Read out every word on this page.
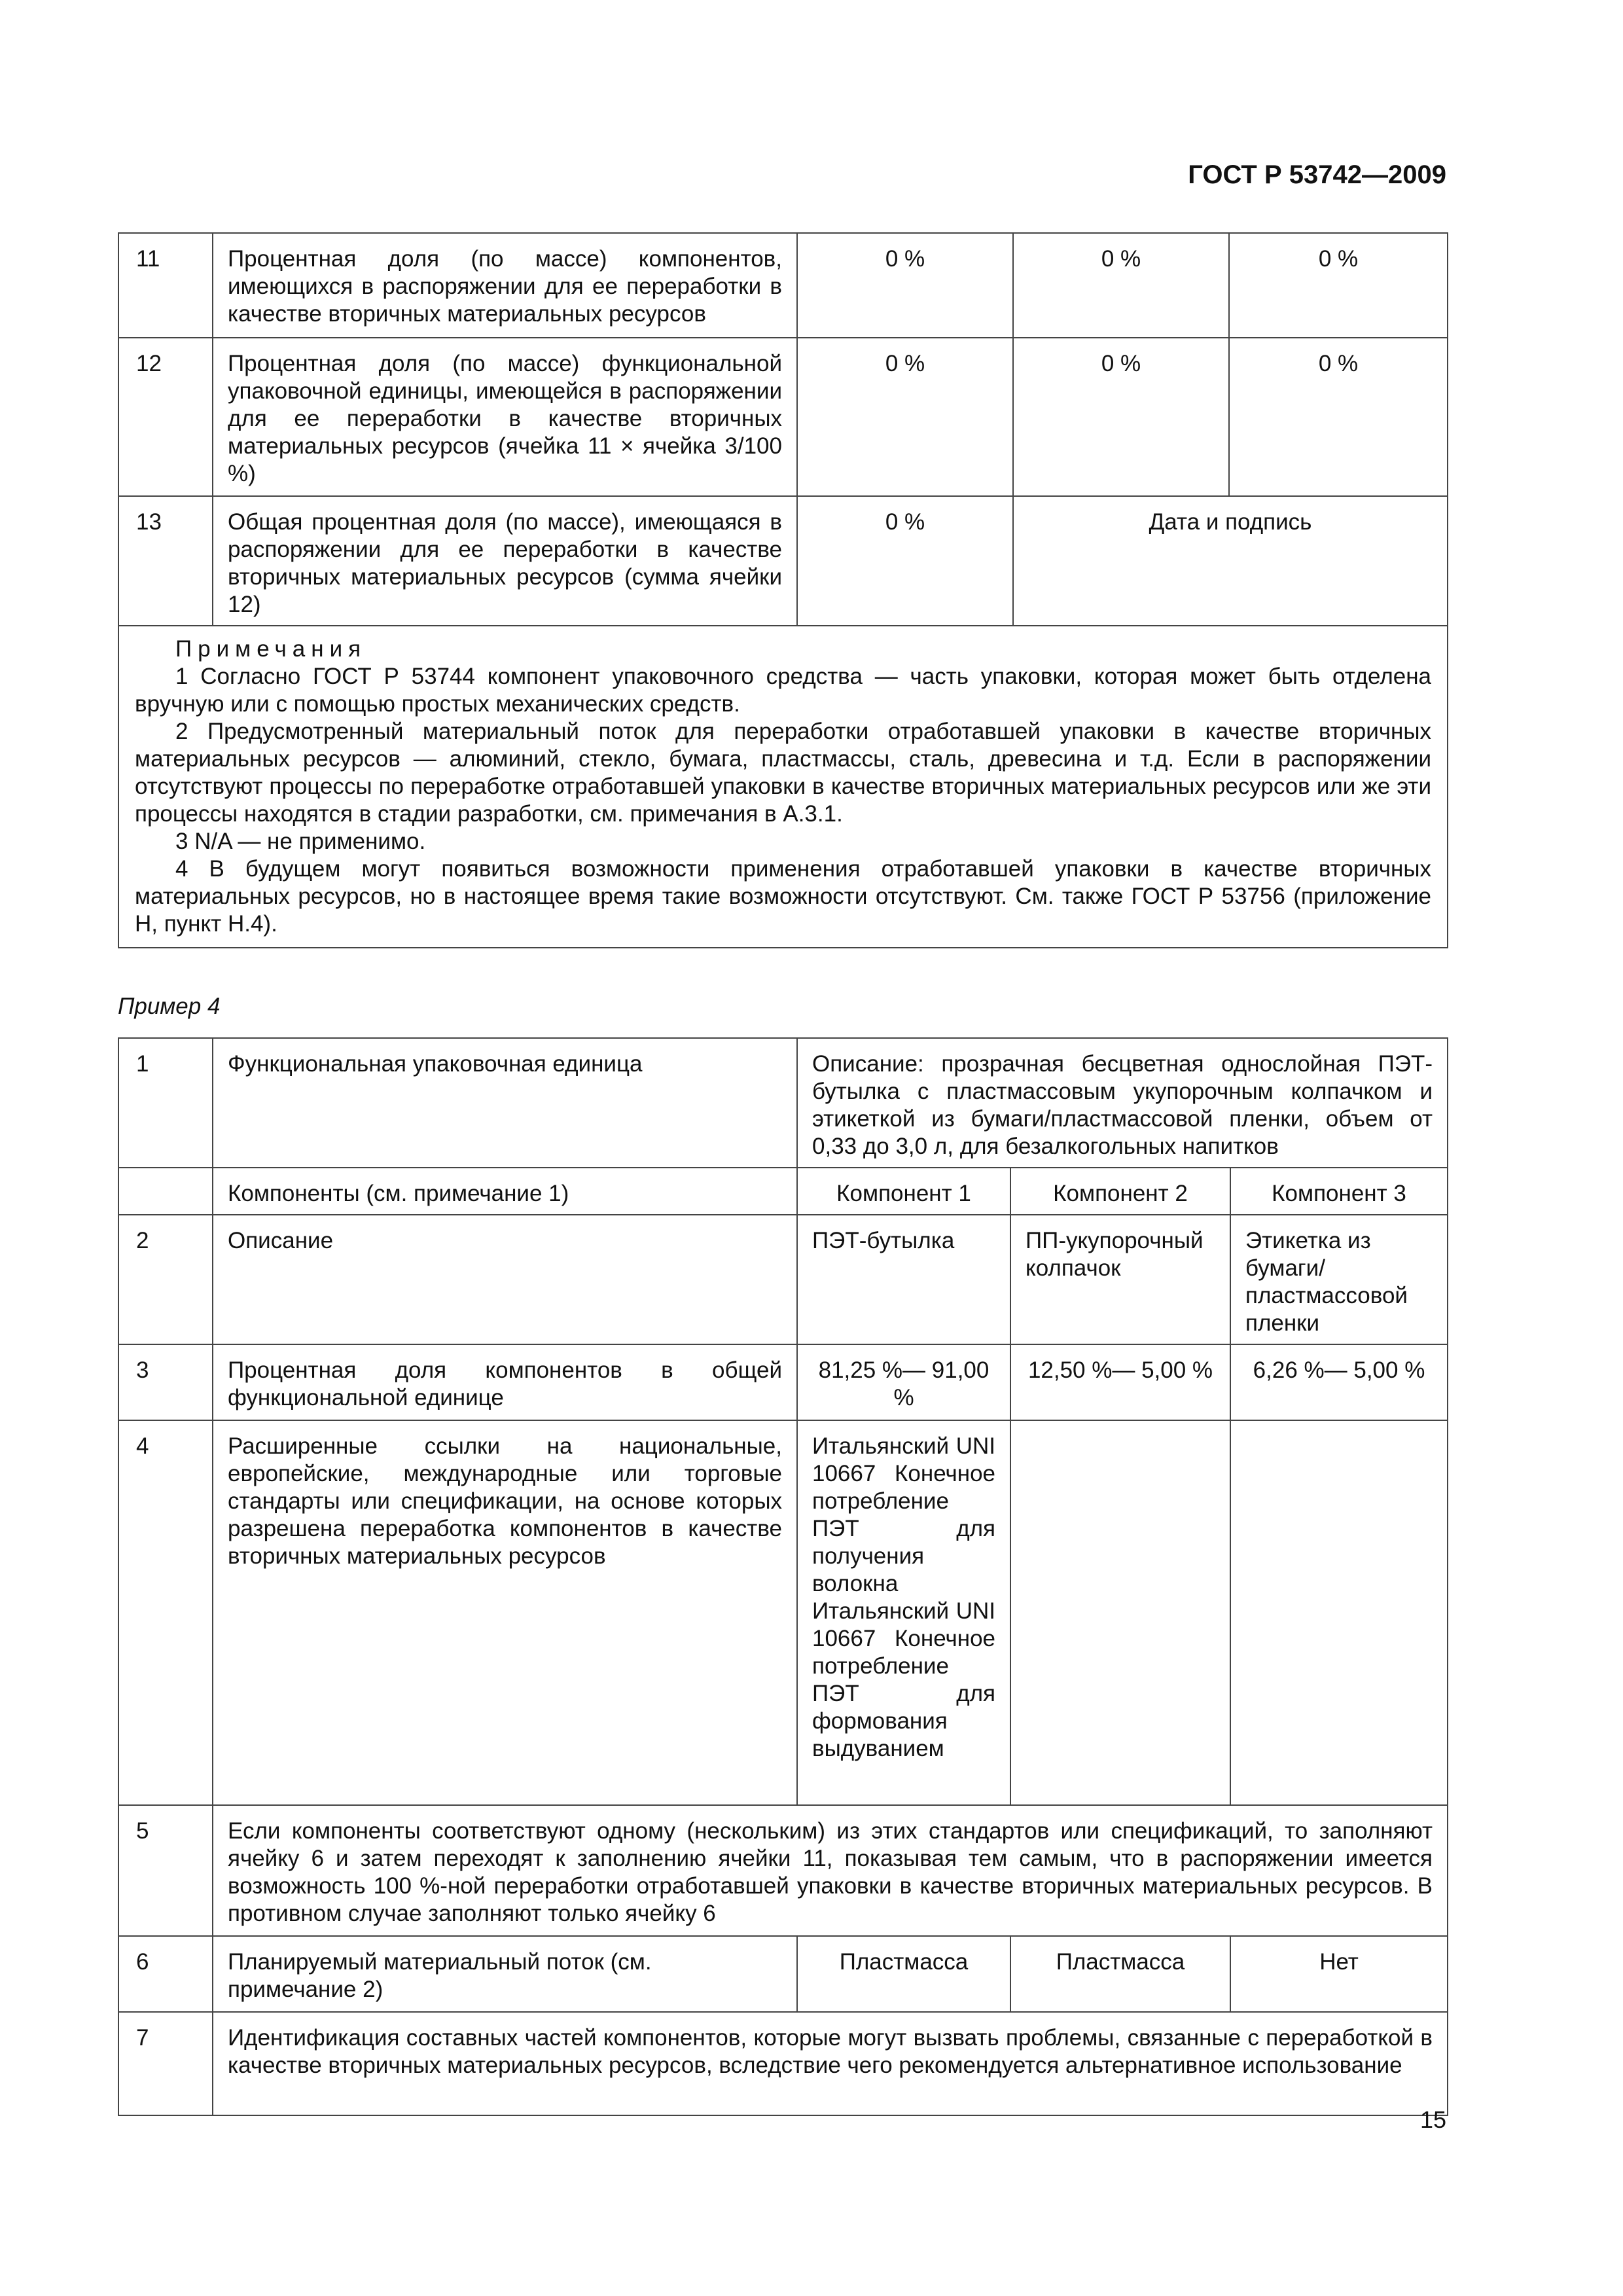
ГОСТ Р 53742—2009
11	Процентная доля (по массе) компонентов, имеющихся в распоряжении для ее переработки в качестве вторичных материальных ресурсов	0 %	0 %	0 %
12	Процентная доля (по массе) функциональной упаковочной единицы, имеющейся в распоряжении для ее переработки в качестве вторичных материальных ресурсов (ячейка 11 × ячейка 3/100 %)	0 %	0 %	0 %
13	Общая процентная доля (по массе), имеющаяся в распоряжении для ее переработки в качестве вторичных материальных ресурсов (сумма ячейки 12)	0 %	Дата и подпись	

Примечания
1 Согласно ГОСТ Р 53744 компонент упаковочного средства — часть упаковки, которая может быть отделена вручную или с помощью простых механических средств.
2 Предусмотренный материальный поток для переработки отработавшей упаковки в качестве вторичных материальных ресурсов — алюминий, стекло, бумага, пластмассы, сталь, древесина и т.д. Если в распоряжении отсутствуют процессы по переработке отработавшей упаковки в качестве вторичных материальных ресурсов или же эти процессы находятся в стадии разработки, см. примечания в А.3.1.
3 N/A — не применимо.
4 В будущем могут появиться возможности применения отработавшей упаковки в качестве вторичных материальных ресурсов, но в настоящее время такие возможности отсутствуют. См. также ГОСТ Р 53756 (приложение Н, пункт Н.4).				
Пример 4
1	Функциональная упаковочная единица	Описание: прозрачная бесцветная однослойная ПЭТ-бутылка с пластмассовым укупорочным колпачком и этикеткой из бумаги/пластмассовой пленки, объем от 0,33 до 3,0 л, для безалкогольных напитков		
	Компоненты (см. примечание 1)	Компонент 1	Компонент 2	Компонент 3
2	Описание	ПЭТ-бутылка	ПП-укупорочный колпачок	Этикетка из бумаги/пластмассовой пленки
3	Процентная доля компонентов в общей функциональной единице	81,25 %— 91,00 %	12,50 %— 5,00 %	6,26 %— 5,00 %
4	Расширенные ссылки на национальные, европейские, международные или торговые стандарты или спецификации, на основе которых разрешена переработка компонентов в качестве вторичных материальных ресурсов	Итальянский UNI 10667 Конечное потребление ПЭТ для получения волокна Итальянский UNI 10667 Конечное потребление ПЭТ для формования выдуванием		
5	Если компоненты соответствуют одному (нескольким) из этих стандартов или спецификаций, то заполняют ячейку 6 и затем переходят к заполнению ячейки 11, показывая тем самым, что в распоряжении имеется возможность 100 %-ной переработки отработавшей упаковки в качестве вторичных материальных ресурсов. В противном случае заполняют только ячейку 6			
6	Планируемый материальный поток (см. примечание 2)	Пластмасса	Пластмасса	Нет
7	Идентификация составных частей компонентов, которые могут вызвать проблемы, связанные с переработкой в качестве вторичных материальных ресурсов, вследствие чего рекомендуется альтернативное использование			
15
